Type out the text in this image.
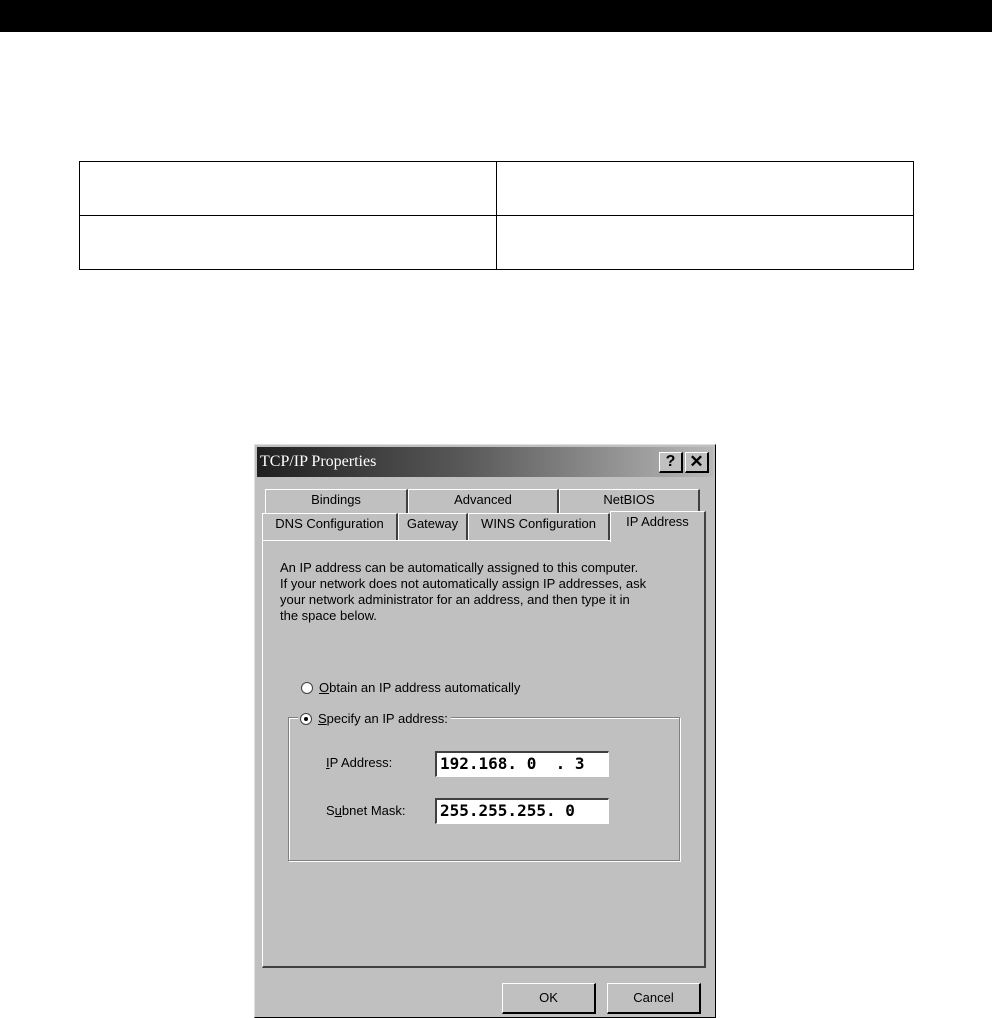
TCP/IP Properties	? ✕
Bindings	Advanced	NetBIOS
DNS Configuration	Gateway	WINS Configuration	IP Address

An IP address can be automatically assigned to this computer.
If your network does not automatically assign IP addresses, ask
your network administrator for an address, and then type it in
the space below.

Obtain an IP address automatically
IP Address:	192.168. 0  . 3
Subnet Mask:	255.255.255. 0
Specify an IP address:
OK	Cancel
